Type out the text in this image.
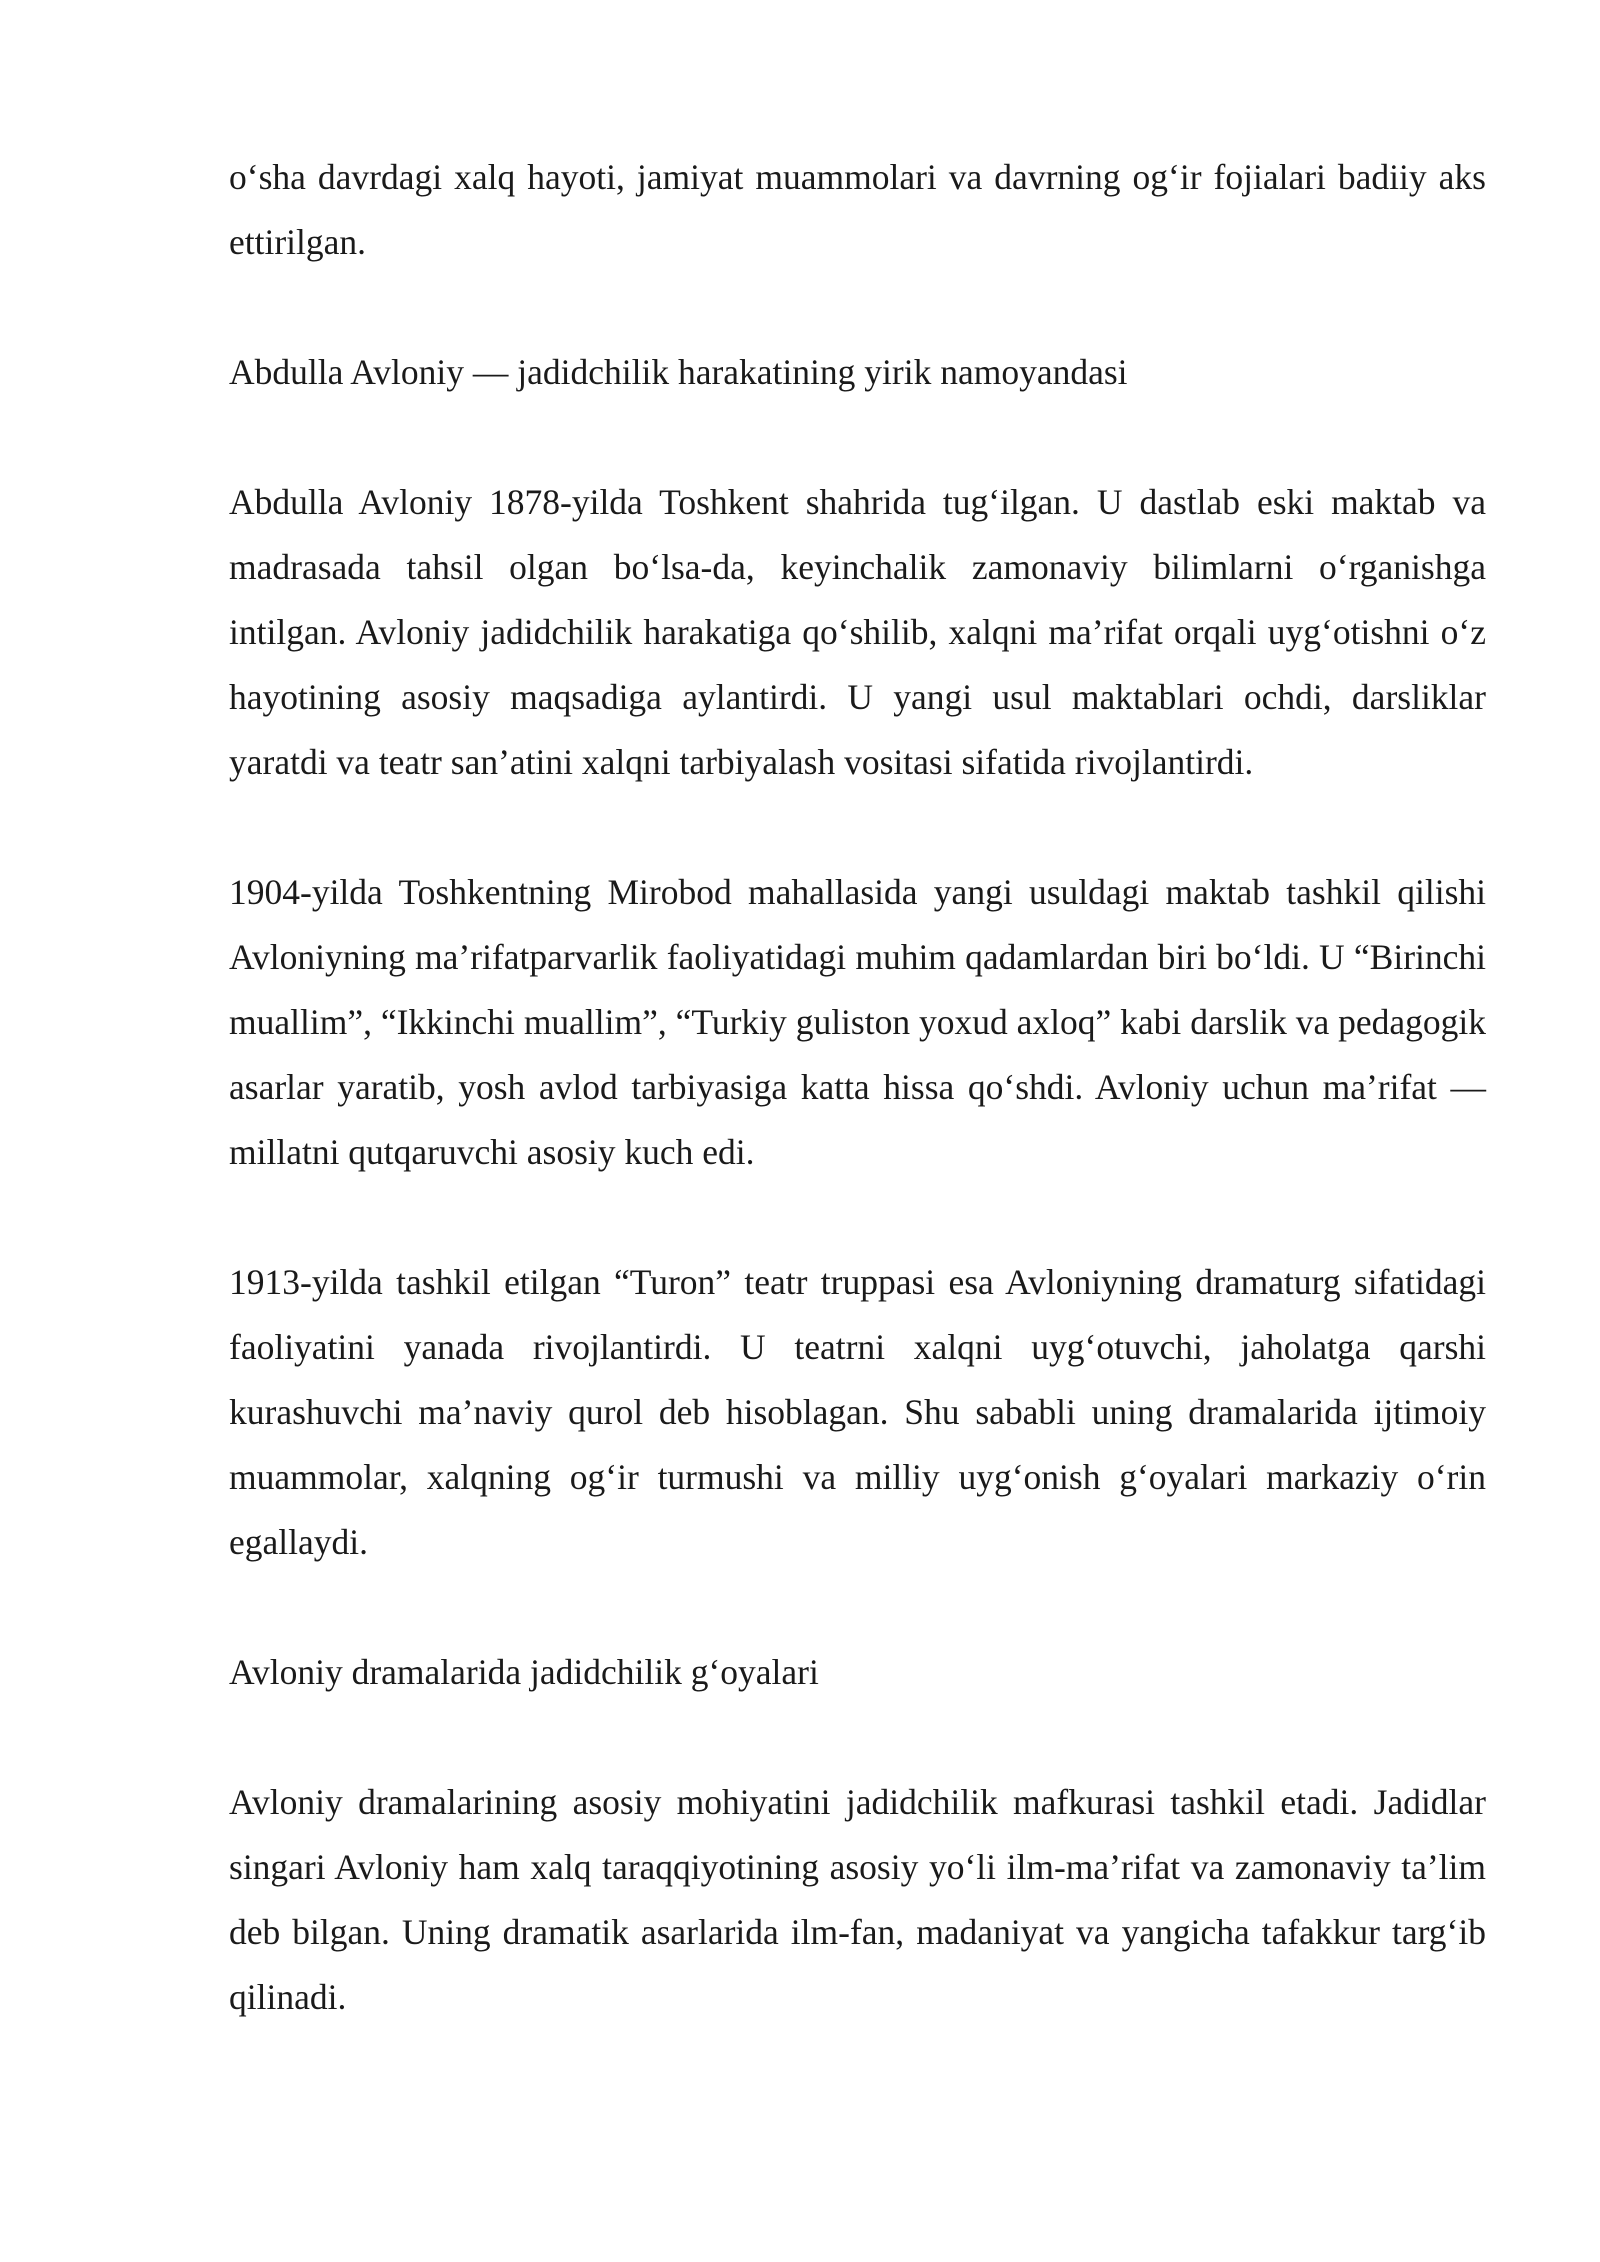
o‘sha davrdagi xalq hayoti, jamiyat muammolari va davrning og‘ir fojialari badiiy aks ettirilgan.

Abdulla Avloniy — jadidchilik harakatining yirik namoyandasi

Abdulla Avloniy 1878-yilda Toshkent shahrida tug‘ilgan. U dastlab eski maktab va madrasada tahsil olgan bo‘lsa-da, keyinchalik zamonaviy bilimlarni o‘rganishga intilgan. Avloniy jadidchilik harakatiga qo‘shilib, xalqni ma’rifat orqali uyg‘otishni o‘z hayotining asosiy maqsadiga aylantirdi. U yangi usul maktablari ochdi, darsliklar yaratdi va teatr san’atini xalqni tarbiyalash vositasi sifatida rivojlantirdi.

1904-yilda Toshkentning Mirobod mahallasida yangi usuldagi maktab tashkil qilishi Avloniyning ma’rifatparvarlik faoliyatidagi muhim qadamlardan biri bo‘ldi. U “Birinchi muallim”, “Ikkinchi muallim”, “Turkiy guliston yoxud axloq” kabi darslik va pedagogik asarlar yaratib, yosh avlod tarbiyasiga katta hissa qo‘shdi. Avloniy uchun ma’rifat — millatni qutqaruvchi asosiy kuch edi.

1913-yilda tashkil etilgan “Turon” teatr truppasi esa Avloniyning dramaturg sifatidagi faoliyatini yanada rivojlantirdi. U teatrni xalqni uyg‘otuvchi, jaholatga qarshi kurashuvchi ma’naviy qurol deb hisoblagan. Shu sababli uning dramalarida ijtimoiy muammolar, xalqning og‘ir turmushi va milliy uyg‘onish g‘oyalari markaziy o‘rin egallaydi.

Avloniy dramalarida jadidchilik g‘oyalari

Avloniy dramalarining asosiy mohiyatini jadidchilik mafkurasi tashkil etadi. Jadidlar singari Avloniy ham xalq taraqqiyotining asosiy yo‘li ilm-ma’rifat va zamonaviy ta’lim deb bilgan. Uning dramatik asarlarida ilm-fan, madaniyat va yangicha tafakkur targ‘ib qilinadi.
